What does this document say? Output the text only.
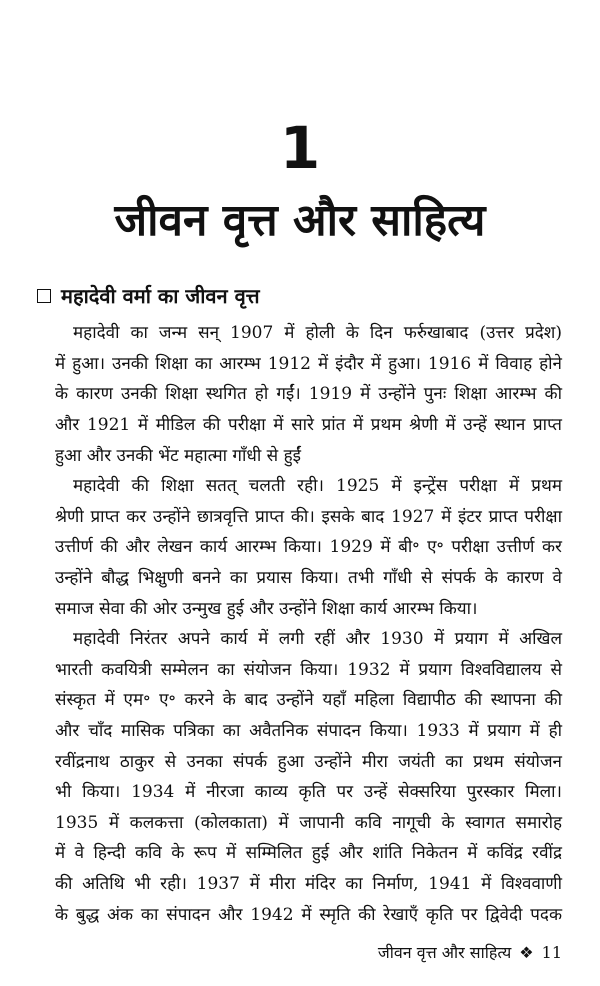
1
जीवन वृत्त और साहित्य
महादेवी वर्मा का जीवन वृत्त
महादेवी का जन्म सन् 1907 में होली के दिन फर्रुखाबाद (उत्तर प्रदेश)
में हुआ। उनकी शिक्षा का आरम्भ 1912 में इंदौर में हुआ। 1916 में विवाह होने
के कारण उनकी शिक्षा स्थगित हो गईं। 1919 में उन्होंने पुनः शिक्षा आरम्भ की
और 1921 में मीडिल की परीक्षा में सारे प्रांत में प्रथम श्रेणी में उन्हें स्थान प्राप्त
हुआ और उनकी भेंट महात्मा गाँधी से हुईं
महादेवी की शिक्षा सतत् चलती रही। 1925 में इन्ट्रेंस परीक्षा में प्रथम
श्रेणी प्राप्त कर उन्होंने छात्रवृत्ति प्राप्त की। इसके बाद 1927 में इंटर प्राप्त परीक्षा
उत्तीर्ण की और लेखन कार्य आरम्भ किया। 1929 में बी॰ ए॰ परीक्षा उत्तीर्ण कर
उन्होंने बौद्ध भिक्षुणी बनने का प्रयास किया। तभी गाँधी से संपर्क के कारण वे
समाज सेवा की ओर उन्मुख हुई और उन्होंने शिक्षा कार्य आरम्भ किया।
महादेवी निरंतर अपने कार्य में लगी रहीं और 1930 में प्रयाग में अखिल
भारती कवयित्री सम्मेलन का संयोजन किया। 1932 में प्रयाग विश्वविद्यालय से
संस्कृत में एम॰ ए॰ करने के बाद उन्होंने यहाँ महिला विद्यापीठ की स्थापना की
और चाँद मासिक पत्रिका का अवैतनिक संपादन किया। 1933 में प्रयाग में ही
रवींद्रनाथ ठाकुर से उनका संपर्क हुआ उन्होंने मीरा जयंती का प्रथम संयोजन
भी किया। 1934 में नीरजा काव्य कृति पर उन्हें सेक्सरिया पुरस्कार मिला।
1935 में कलकत्ता (कोलकाता) में जापानी कवि नागूची के स्वागत समारोह
में वे हिन्दी कवि के रूप में सम्मिलित हुई और शांति निकेतन में कविंद्र रवींद्र
की अतिथि भी रही। 1937 में मीरा मंदिर का निर्माण, 1941 में विश्ववाणी
के बुद्ध अंक का संपादन और 1942 में स्मृति की रेखाएँ कृति पर द्विवेदी पदक
जीवन वृत्त और साहित्य ❖ 11
